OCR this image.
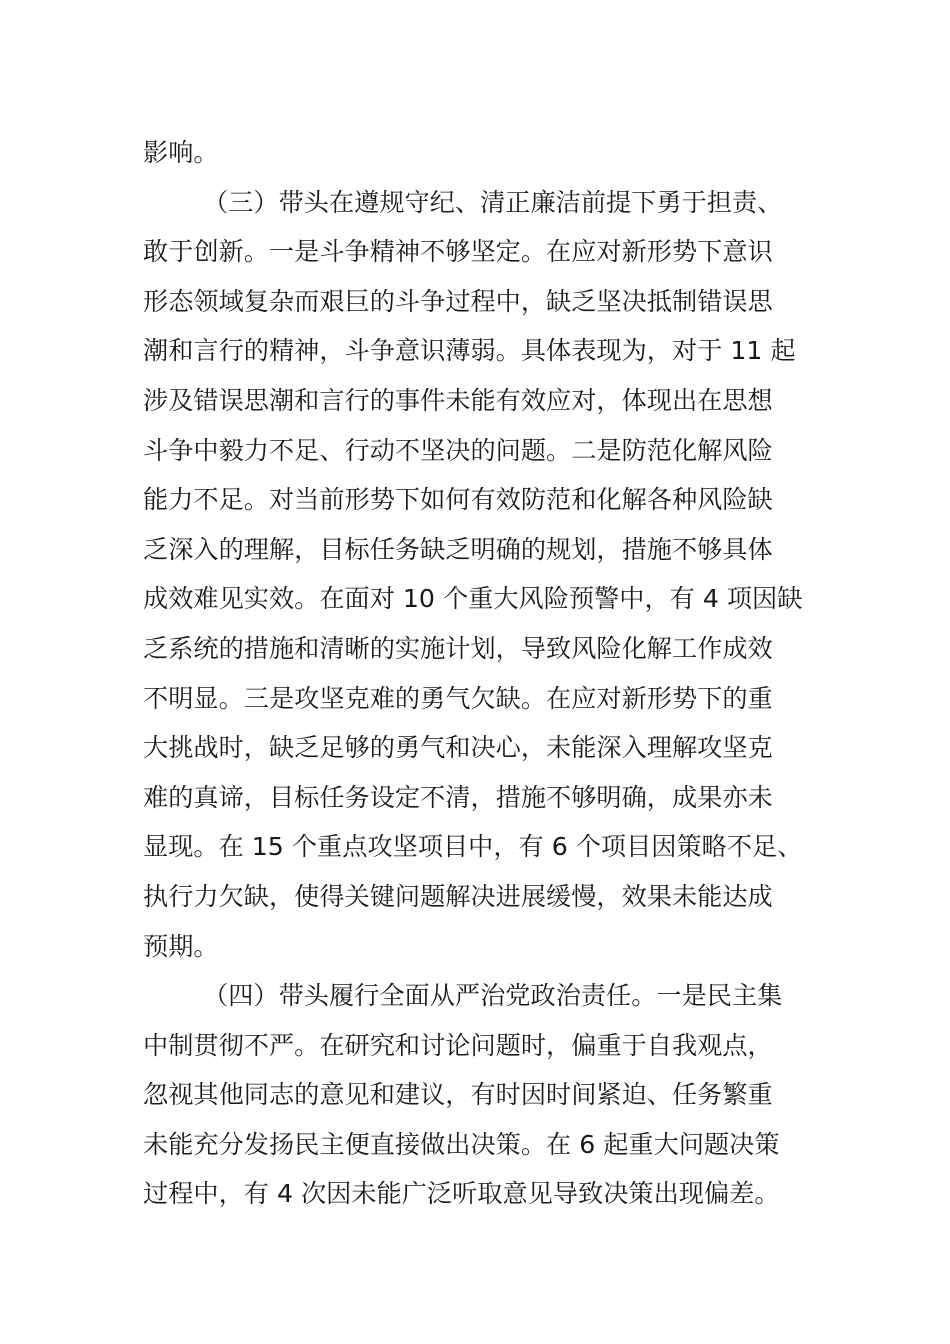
影响。

（三）带头在遵规守纪、清正廉洁前提下勇于担责、

敢于创新。一是斗争精神不够坚定。在应对新形势下意识

形态领域复杂而艰巨的斗争过程中，缺乏坚决抵制错误思

潮和言行的精神，斗争意识薄弱。具体表现为，对于 11 起

涉及错误思潮和言行的事件未能有效应对，体现出在思想

斗争中毅力不足、行动不坚决的问题。二是防范化解风险

能力不足。对当前形势下如何有效防范和化解各种风险缺

乏深入的理解，目标任务缺乏明确的规划，措施不够具体

成效难见实效。在面对 10 个重大风险预警中，有 4 项因缺

乏系统的措施和清晰的实施计划，导致风险化解工作成效

不明显。三是攻坚克难的勇气欠缺。在应对新形势下的重

大挑战时，缺乏足够的勇气和决心，未能深入理解攻坚克

难的真谛，目标任务设定不清，措施不够明确，成果亦未

显现。在 15 个重点攻坚项目中，有 6 个项目因策略不足、

执行力欠缺，使得关键问题解决进展缓慢，效果未能达成

预期。

（四）带头履行全面从严治党政治责任。一是民主集

中制贯彻不严。在研究和讨论问题时，偏重于自我观点，

忽视其他同志的意见和建议，有时因时间紧迫、任务繁重

未能充分发扬民主便直接做出决策。在 6 起重大问题决策

过程中，有 4 次因未能广泛听取意见导致决策出现偏差。
